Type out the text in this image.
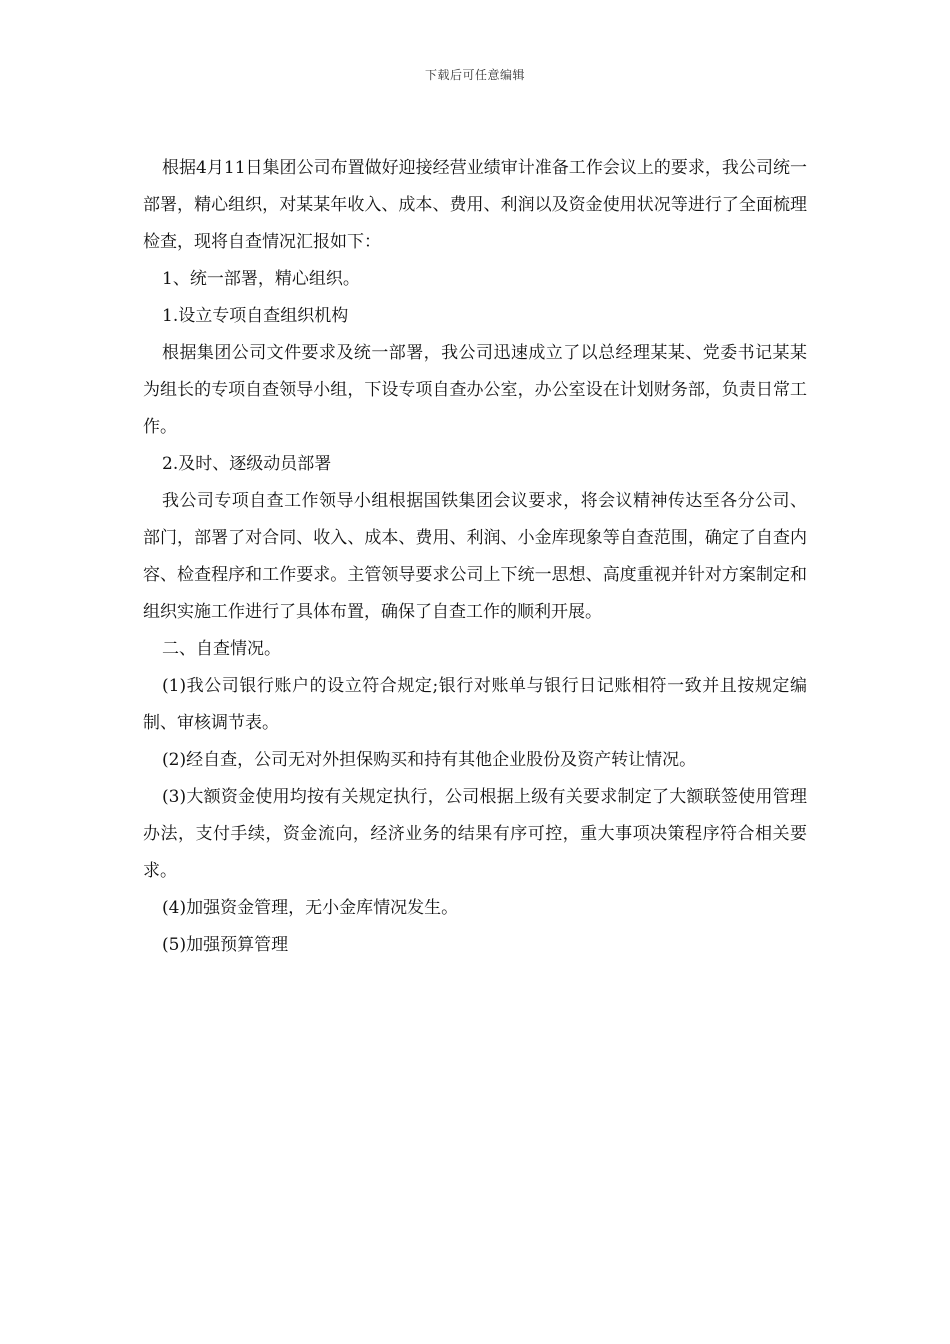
下载后可任意编辑

根据4月11日集团公司布置做好迎接经营业绩审计准备工作会议上的要求，我公司统一部署，精心组织，对某某年收入、成本、费用、利润以及资金使用状况等进行了全面梳理检查，现将自查情况汇报如下：

1、统一部署，精心组织。

1.设立专项自查组织机构

根据集团公司文件要求及统一部署，我公司迅速成立了以总经理某某、党委书记某某为组长的专项自查领导小组，下设专项自查办公室，办公室设在计划财务部，负责日常工作。

2.及时、逐级动员部署

我公司专项自查工作领导小组根据国铁集团会议要求，将会议精神传达至各分公司、部门，部署了对合同、收入、成本、费用、利润、小金库现象等自查范围，确定了自查内容、检查程序和工作要求。主管领导要求公司上下统一思想、高度重视并针对方案制定和组织实施工作进行了具体布置，确保了自查工作的顺利开展。

二、自查情况。

(1)我公司银行账户的设立符合规定;银行对账单与银行日记账相符一致并且按规定编制、审核调节表。

(2)经自查，公司无对外担保购买和持有其他企业股份及资产转让情况。

(3)大额资金使用均按有关规定执行，公司根据上级有关要求制定了大额联签使用管理办法，支付手续，资金流向，经济业务的结果有序可控，重大事项决策程序符合相关要求。

(4)加强资金管理，无小金库情况发生。

(5)加强预算管理
